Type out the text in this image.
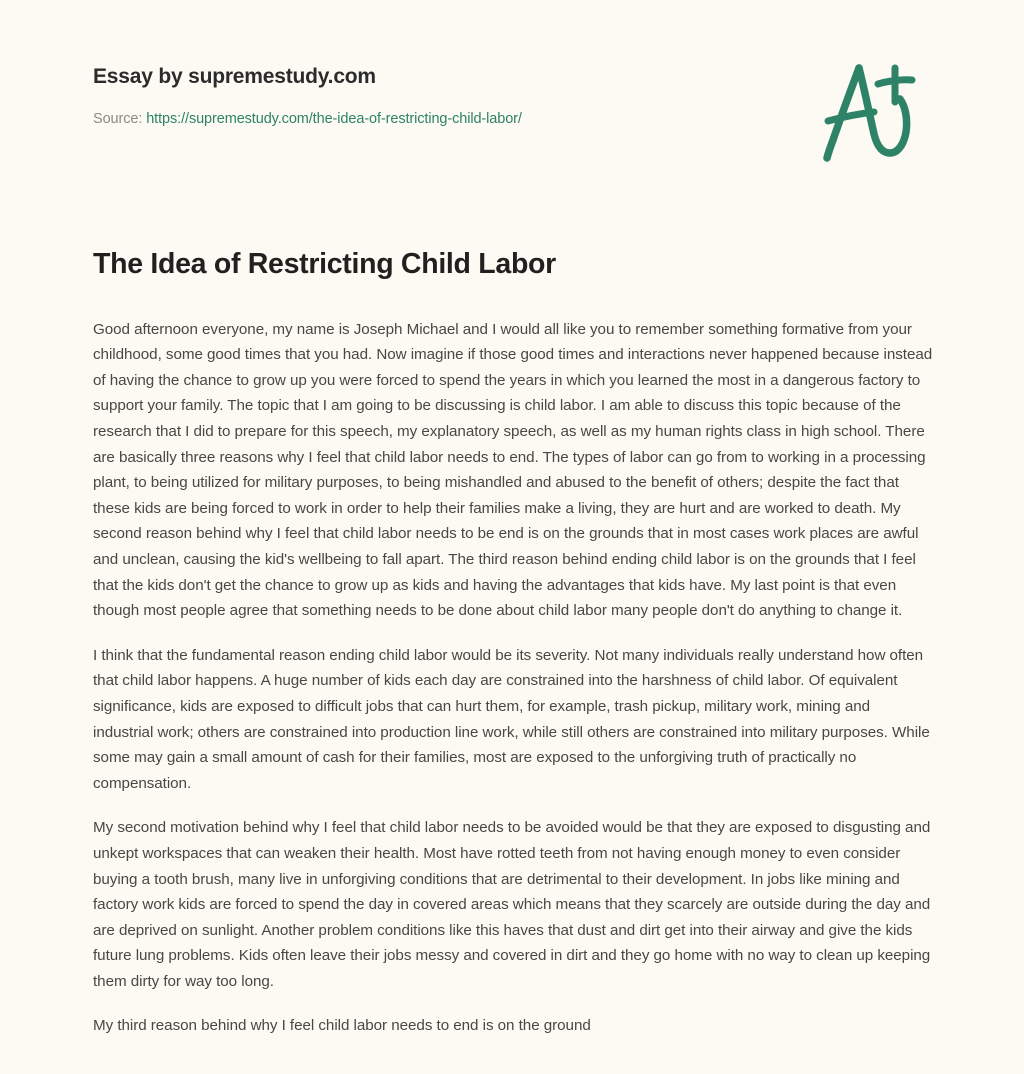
Essay by supremestudy.com
Source: https://supremestudy.com/the-idea-of-restricting-child-labor/
The Idea of Restricting Child Labor

Good afternoon everyone, my name is Joseph Michael and I would all like you to remember something formative from your childhood, some good times that you had. Now imagine if those good times and interactions never happened because instead of having the chance to grow up you were forced to spend the years in which you learned the most in a dangerous factory to support your family. The topic that I am going to be discussing is child labor. I am able to discuss this topic because of the research that I did to prepare for this speech, my explanatory speech, as well as my human rights class in high school. There are basically three reasons why I feel that child labor needs to end. The types of labor can go from to working in a processing plant, to being utilized for military purposes, to being mishandled and abused to the benefit of others; despite the fact that these kids are being forced to work in order to help their families make a living, they are hurt and are worked to death. My second reason behind why I feel that child labor needs to be end is on the grounds that in most cases work places are awful and unclean, causing the kid's wellbeing to fall apart. The third reason behind ending child labor is on the grounds that I feel that the kids don't get the chance to grow up as kids and having the advantages that kids have. My last point is that even though most people agree that something needs to be done about child labor many people don't do anything to change it.

I think that the fundamental reason ending child labor would be its severity. Not many individuals really understand how often that child labor happens. A huge number of kids each day are constrained into the harshness of child labor. Of equivalent significance, kids are exposed to difficult jobs that can hurt them, for example, trash pickup, military work, mining and industrial work; others are constrained into production line work, while still others are constrained into military purposes. While some may gain a small amount of cash for their families, most are exposed to the unforgiving truth of practically no compensation.

My second motivation behind why I feel that child labor needs to be avoided would be that they are exposed to disgusting and unkept workspaces that can weaken their health. Most have rotted teeth from not having enough money to even consider buying a tooth brush, many live in unforgiving conditions that are detrimental to their development. In jobs like mining and factory work kids are forced to spend the day in covered areas which means that they scarcely are outside during the day and are deprived on sunlight. Another problem conditions like this haves that dust and dirt get into their airway and give the kids future lung problems. Kids often leave their jobs messy and covered in dirt and they go home with no way to clean up keeping them dirty for way too long.

My third reason behind why I feel child labor needs to end is on the ground
